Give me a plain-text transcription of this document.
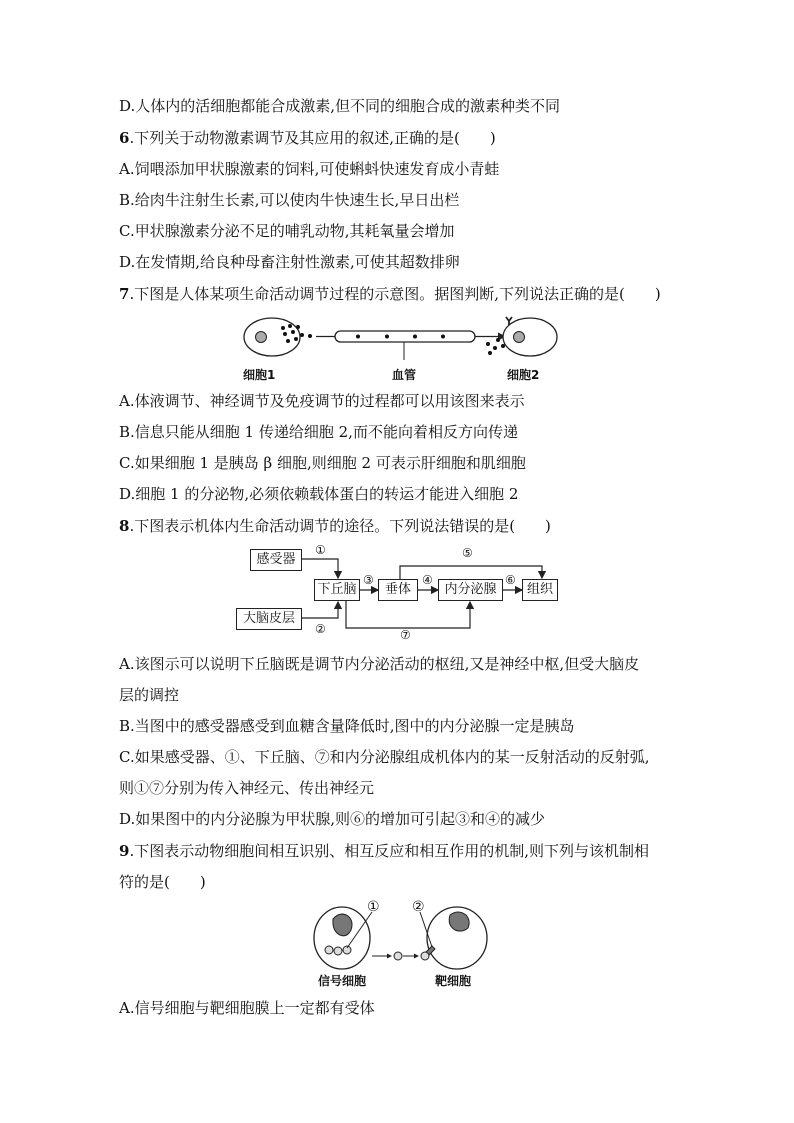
D.人体内的活细胞都能合成激素,但不同的细胞合成的激素种类不同
6.下列关于动物激素调节及其应用的叙述,正确的是(　　)
A.饲喂添加甲状腺激素的饲料,可使蝌蚪快速发育成小青蛙
B.给肉牛注射生长素,可以使肉牛快速生长,早日出栏
C.甲状腺激素分泌不足的哺乳动物,其耗氧量会增加
D.在发情期,给良种母畜注射性激素,可使其超数排卵
7.下图是人体某项生命活动调节过程的示意图。据图判断,下列说法正确的是(　　)
细胞1	血管	细胞2
A.体液调节、神经调节及免疫调节的过程都可以用该图来表示
B.信息只能从细胞 1 传递给细胞 2,而不能向着相反方向传递
C.如果细胞 1 是胰岛 β 细胞,则细胞 2 可表示肝细胞和肌细胞
D.细胞 1 的分泌物,必须依赖载体蛋白的转运才能进入细胞 2
8.下图表示机体内生命活动调节的途径。下列说法错误的是(　　)
感受器
大脑皮层
下丘脑	垂体	内分泌腺	组织
①
②
③	④
⑤
⑥
⑦
A.该图示可以说明下丘脑既是调节内分泌活动的枢纽,又是神经中枢,但受大脑皮
层的调控
B.当图中的感受器感受到血糖含量降低时,图中的内分泌腺一定是胰岛
C.如果感受器、①、下丘脑、⑦和内分泌腺组成机体内的某一反射活动的反射弧,
则①⑦分别为传入神经元、传出神经元
D.如果图中的内分泌腺为甲状腺,则⑥的增加可引起③和④的减少
9.下图表示动物细胞间相互识别、相互反应和相互作用的机制,则下列与该机制相
符的是(　　)
① ②
信号细胞	靶细胞
A.信号细胞与靶细胞膜上一定都有受体
